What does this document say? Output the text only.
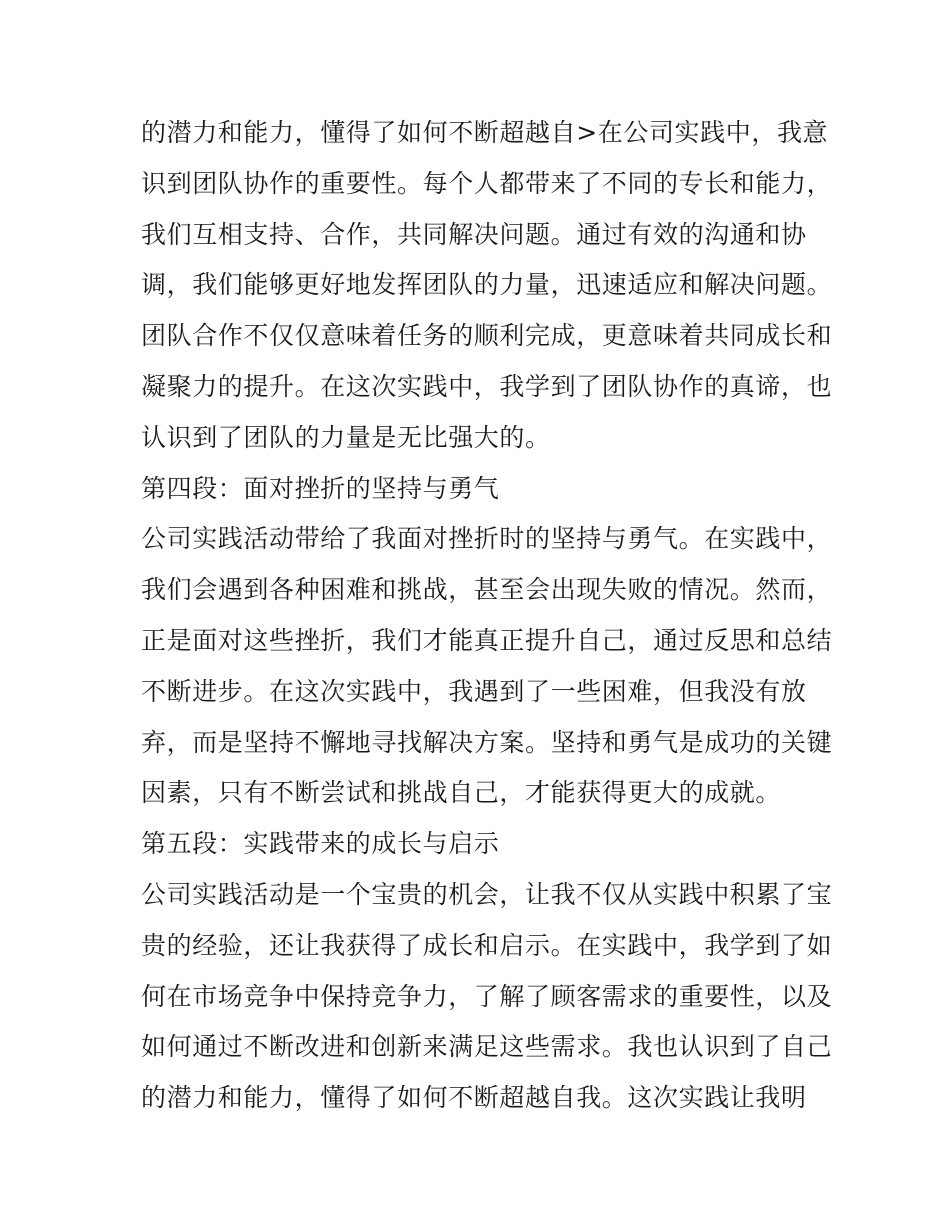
的潜力和能力，懂得了如何不断超越自>在公司实践中，我意
识到团队协作的重要性。每个人都带来了不同的专长和能力，
我们互相支持、合作，共同解决问题。通过有效的沟通和协
调，我们能够更好地发挥团队的力量，迅速适应和解决问题。
团队合作不仅仅意味着任务的顺利完成，更意味着共同成长和
凝聚力的提升。在这次实践中，我学到了团队协作的真谛，也
认识到了团队的力量是无比强大的。
第四段：面对挫折的坚持与勇气
公司实践活动带给了我面对挫折时的坚持与勇气。在实践中，
我们会遇到各种困难和挑战，甚至会出现失败的情况。然而，
正是面对这些挫折，我们才能真正提升自己，通过反思和总结
不断进步。在这次实践中，我遇到了一些困难，但我没有放
弃，而是坚持不懈地寻找解决方案。坚持和勇气是成功的关键
因素，只有不断尝试和挑战自己，才能获得更大的成就。
第五段：实践带来的成长与启示
公司实践活动是一个宝贵的机会，让我不仅从实践中积累了宝
贵的经验，还让我获得了成长和启示。在实践中，我学到了如
何在市场竞争中保持竞争力，了解了顾客需求的重要性，以及
如何通过不断改进和创新来满足这些需求。我也认识到了自己
的潜力和能力，懂得了如何不断超越自我。这次实践让我明
